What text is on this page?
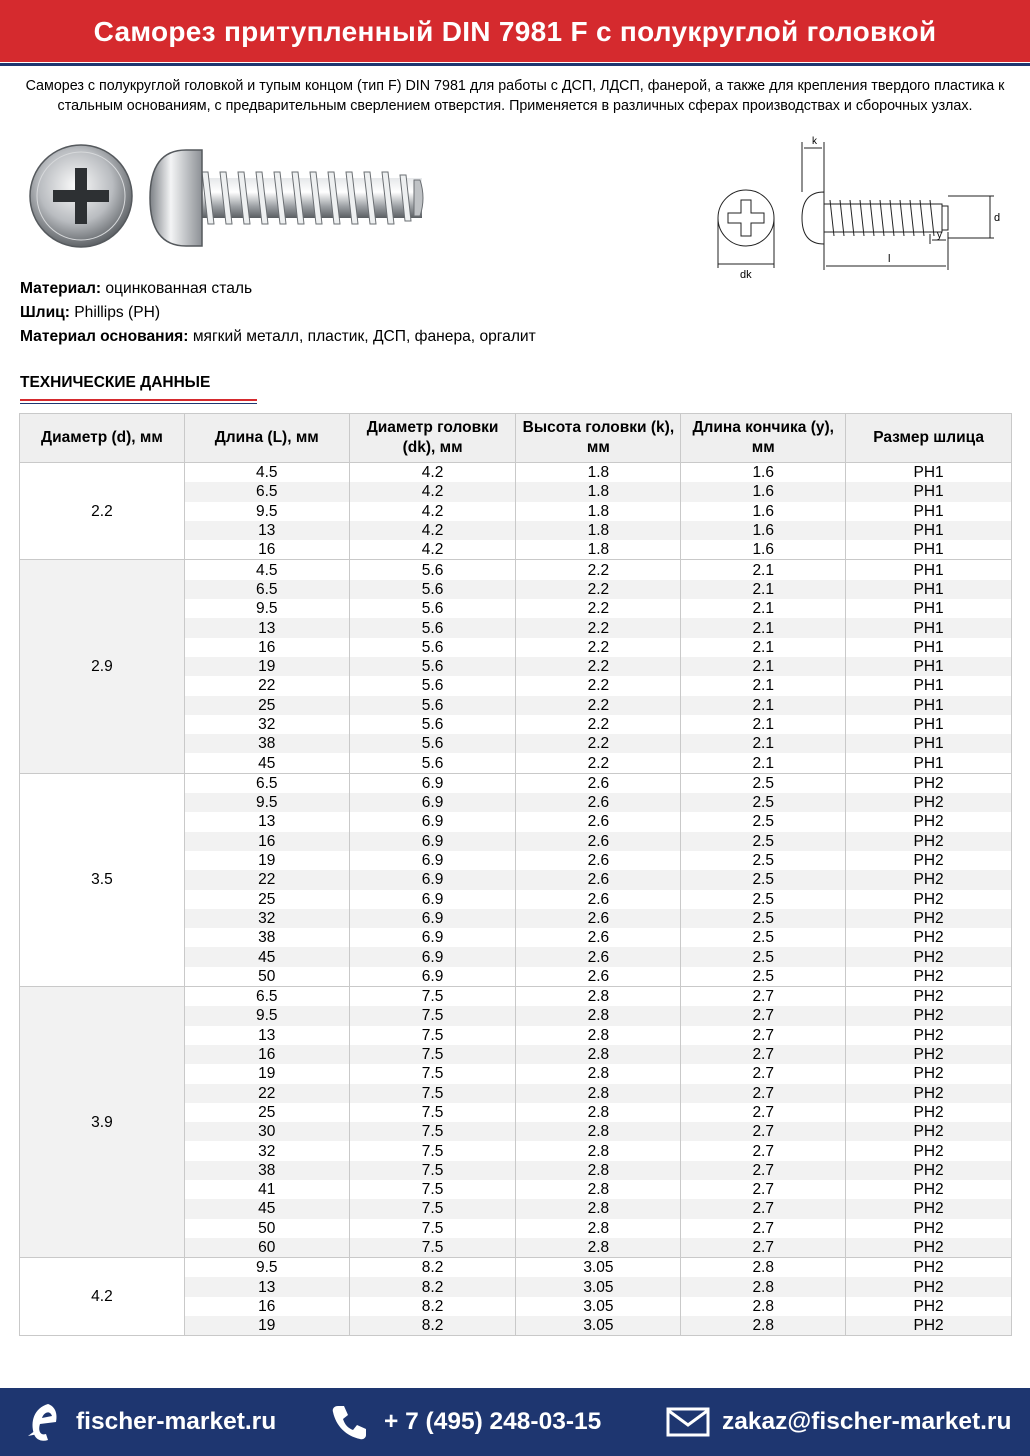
Саморез притупленный DIN 7981 F с полукруглой головкой
Саморез с полукруглой головкой и тупым концом (тип F) DIN 7981 для работы с ДСП, ЛДСП, фанерой, а также для крепления твердого пластика к стальным основаниям, с предварительным сверлением отверстия. Применяется в различных сферах производствах и сборочных узлах.
k
d
y
l
dk
Материал: оцинкованная сталь
Шлиц: Phillips (PH)
Материал основания: мягкий металл, пластик, ДСП, фанера, оргалит
ТЕХНИЧЕСКИЕ ДАННЫЕ
Диаметр (d), мм	Длина (L), мм	Диаметр головки (dk), мм	Высота головки (k), мм	Длина кончика (y), мм	Размер шлица
2.2	4.5	4.2	1.8	1.6	PH1
	6.5	4.2	1.8	1.6	PH1
	9.5	4.2	1.8	1.6	PH1
	13	4.2	1.8	1.6	PH1
	16	4.2	1.8	1.6	PH1
2.9	4.5	5.6	2.2	2.1	PH1
	6.5	5.6	2.2	2.1	PH1
	9.5	5.6	2.2	2.1	PH1
	13	5.6	2.2	2.1	PH1
	16	5.6	2.2	2.1	PH1
	19	5.6	2.2	2.1	PH1
	22	5.6	2.2	2.1	PH1
	25	5.6	2.2	2.1	PH1
	32	5.6	2.2	2.1	PH1
	38	5.6	2.2	2.1	PH1
	45	5.6	2.2	2.1	PH1
3.5	6.5	6.9	2.6	2.5	PH2
	9.5	6.9	2.6	2.5	PH2
	13	6.9	2.6	2.5	PH2
	16	6.9	2.6	2.5	PH2
	19	6.9	2.6	2.5	PH2
	22	6.9	2.6	2.5	PH2
	25	6.9	2.6	2.5	PH2
	32	6.9	2.6	2.5	PH2
	38	6.9	2.6	2.5	PH2
	45	6.9	2.6	2.5	PH2
	50	6.9	2.6	2.5	PH2
3.9	6.5	7.5	2.8	2.7	PH2
	9.5	7.5	2.8	2.7	PH2
	13	7.5	2.8	2.7	PH2
	16	7.5	2.8	2.7	PH2
	19	7.5	2.8	2.7	PH2
	22	7.5	2.8	2.7	PH2
	25	7.5	2.8	2.7	PH2
	30	7.5	2.8	2.7	PH2
	32	7.5	2.8	2.7	PH2
	38	7.5	2.8	2.7	PH2
	41	7.5	2.8	2.7	PH2
	45	7.5	2.8	2.7	PH2
	50	7.5	2.8	2.7	PH2
	60	7.5	2.8	2.7	PH2
4.2	9.5	8.2	3.05	2.8	PH2
	13	8.2	3.05	2.8	PH2
	16	8.2	3.05	2.8	PH2
	19	8.2	3.05	2.8	PH2
fischer-market.ru	+ 7 (495) 248-03-15	zakaz@fischer-market.ru
